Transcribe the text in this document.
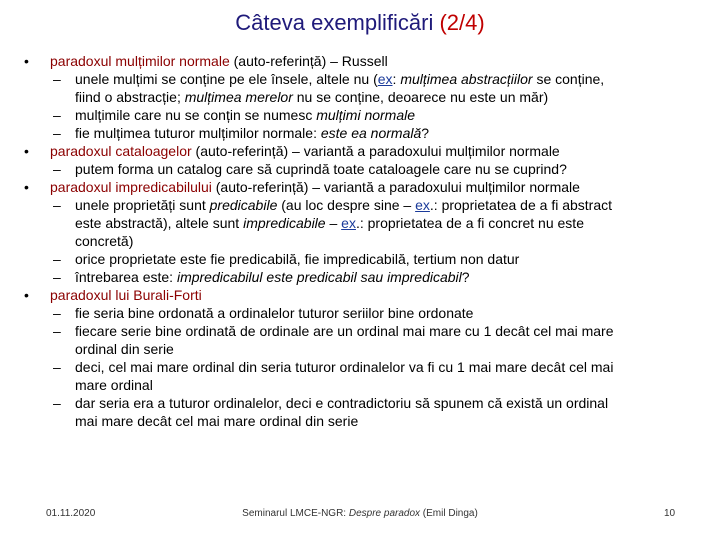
Câteva exemplificări (2/4)
• paradoxul mulțimilor normale (auto-referință) – Russell
– unele mulțimi se conține pe ele însele, altele nu (ex: mulțimea abstracțiilor se conține,
fiind o abstracție; mulțimea merelor nu se conține, deoarece nu este un măr)
– mulțimile care nu se conțin se numesc mulțimi normale
– fie mulțimea tuturor mulțimilor normale: este ea normală?
• paradoxul cataloagelor (auto-referință) – variantă a paradoxului mulțimilor normale
– putem forma un catalog care să cuprindă toate cataloagele care nu se cuprind?
• paradoxul impredicabilului (auto-referință) – variantă a paradoxului mulțimilor normale
– unele proprietăți sunt predicabile (au loc despre sine – ex.: proprietatea de a fi abstract
este abstractă), altele sunt impredicabile – ex.: proprietatea de a fi concret nu este
concretă)
– orice proprietate este fie predicabilă, fie impredicabilă, tertium non datur
– întrebarea este: impredicabilul este predicabil sau impredicabil?
• paradoxul lui Burali-Forti
– fie seria bine ordonată a ordinalelor tuturor seriilor bine ordonate
– fiecare serie bine ordinată de ordinale are un ordinal mai mare cu 1 decât cel mai mare
ordinal din serie
– deci, cel mai mare ordinal din seria tuturor ordinalelor va fi cu 1 mai mare decât cel mai
mare ordinal
– dar seria era a tuturor ordinalelor, deci e contradictoriu să spunem că există un ordinal
mai mare decât cel mai mare ordinal din serie
01.11.2020	Seminarul LMCE-NGR: Despre paradox (Emil Dinga)	10
